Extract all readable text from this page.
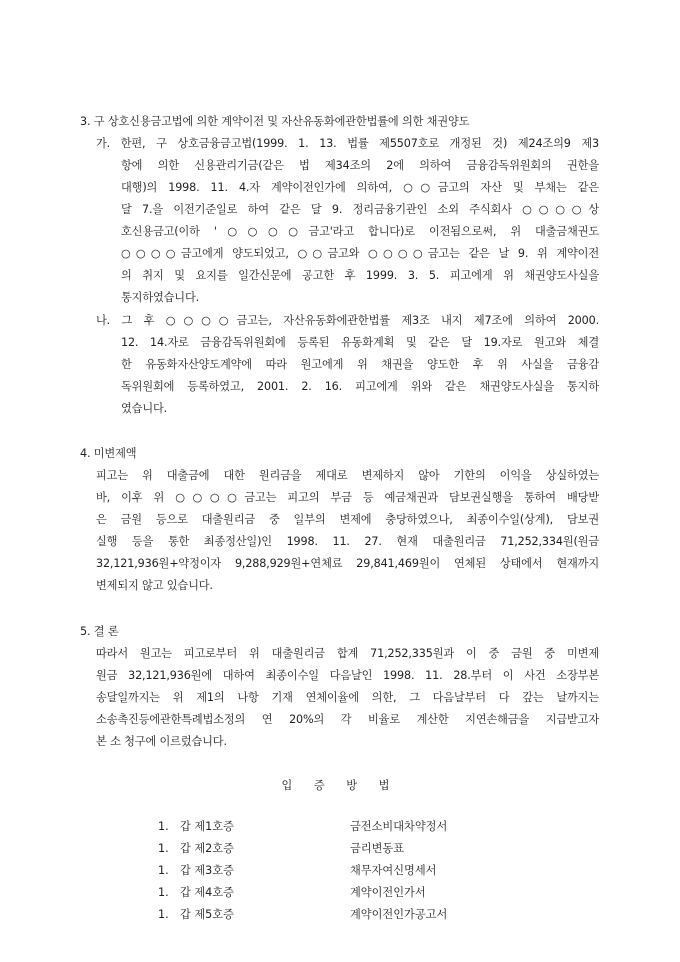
3. 구 상호신용금고법에 의한 계약이전 및 자산유동화에관한법률에 의한 채권양도
가. 한편, 구 상호금융금고법(1999. 1. 13. 법률 제5507호로 개정된 것) 제24조의9 제3
항에 의한 신용관리기금(같은 법 제34조의 2에 의하여 금융감독위원회의 권한을
대행)의 1998. 11. 4.자 계약이전인가에 의하여, ○○금고의 자산 및 부채는 같은
달 7.을 이전기준일로 하여 같은 달 9. 정리금융기관인 소외 주식회사 ○○○○상
호신용금고(이하 '○○○○금고'라고 합니다)로 이전됨으로써, 위 대출금채권도
○○○○금고에게 양도되었고, ○○금고와 ○○○○금고는 같은 날 9. 위 계약이전
의 취지 및 요지를 일간신문에 공고한 후 1999. 3. 5. 피고에게 위 채권양도사실을
통지하였습니다.
나. 그 후 ○○○○금고는, 자산유동화에관한법률 제3조 내지 제7조에 의하여 2000.
12. 14.자로 금융감독위원회에 등록된 유동화계획 및 같은 달 19.자로 원고와 체결
한 유동화자산양도계약에 따라 원고에게 위 채권을 양도한 후 위 사실을 금융감
독위원회에 등록하였고, 2001. 2. 16. 피고에게 위와 같은 채권양도사실을 통지하
였습니다.
4. 미변제액
피고는 위 대출금에 대한 원리금을 제대로 변제하지 않아 기한의 이익을 상실하였는
바, 이후 위 ○○○○금고는 피고의 부금 등 예금채권과 담보권실행을 통하여 배당받
은 금원 등으로 대출원리금 중 일부의 변제에 충당하였으나, 최종이수일(상계), 담보권
실행 등을 통한 최종정산일)인 1998. 11. 27. 현재 대출원리금 71,252,334원(원금
32,121,936원+약정이자 9,288,929원+연체료 29,841,469원이 연체된 상태에서 현재까지
변제되지 않고 있습니다.
5. 결 론
따라서 원고는 피고로부터 위 대출원리금 합계 71,252,335원과 이 중 금원 중 미변제
원금 32,121,936원에 대하여 최종이수일 다음날인 1998. 11. 28.부터 이 사건 소장부본
송달일까지는 위 제1의 나항 기재 연체이율에 의한, 그 다음날부터 다 갚는 날까지는
소송촉진등에관한특례법소정의 연 20%의 각 비율로 계산한 지연손해금을 지급받고자
본 소 청구에 이르렀습니다.
입 증 방 법
1. 갑 제1호증	금전소비대차약정서
1. 갑 제2호증	금리변동표
1. 갑 제3호증	채무자여신명세서
1. 갑 제4호증	계약이전인가서
1. 갑 제5호증	계약이전인가공고서
